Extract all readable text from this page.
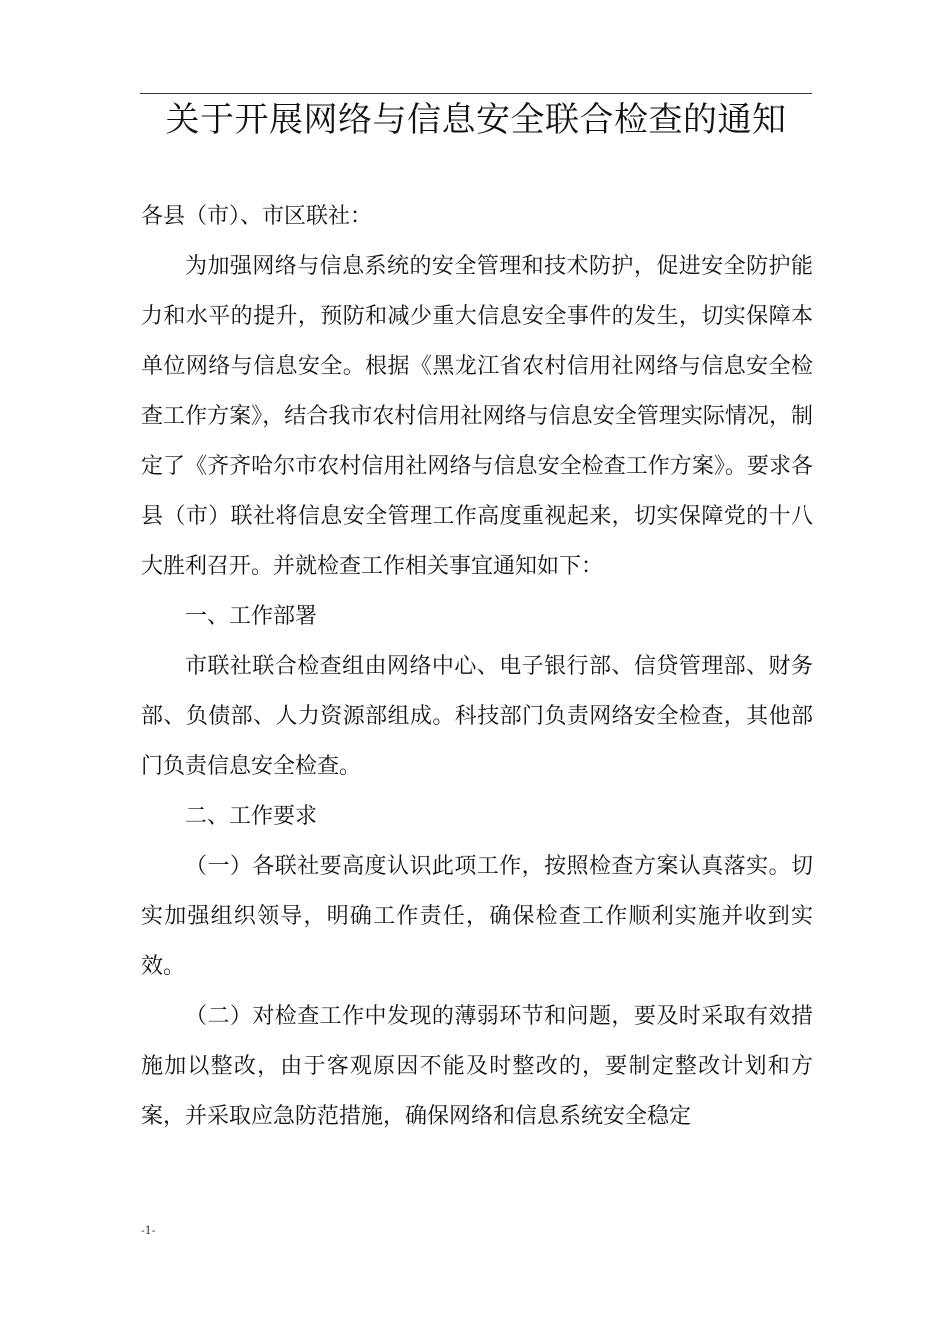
关于开展网络与信息安全联合检查的通知

各县（市）、市区联社：

为加强网络与信息系统的安全管理和技术防护，促进安全防护能力和水平的提升，预防和减少重大信息安全事件的发生，切实保障本单位网络与信息安全。根据《黑龙江省农村信用社网络与信息安全检查工作方案》，结合我市农村信用社网络与信息安全管理实际情况，制定了《齐齐哈尔市农村信用社网络与信息安全检查工作方案》。要求各县（市）联社将信息安全管理工作高度重视起来，切实保障党的十八大胜利召开。并就检查工作相关事宜通知如下：

一、工作部署

市联社联合检查组由网络中心、电子银行部、信贷管理部、财务部、负债部、人力资源部组成。科技部门负责网络安全检查，其他部门负责信息安全检查。

二、工作要求

（一）各联社要高度认识此项工作，按照检查方案认真落实。切实加强组织领导，明确工作责任，确保检查工作顺利实施并收到实效。

（二）对检查工作中发现的薄弱环节和问题，要及时采取有效措施加以整改，由于客观原因不能及时整改的，要制定整改计划和方案，并采取应急防范措施，确保网络和信息系统安全稳定

-1-
